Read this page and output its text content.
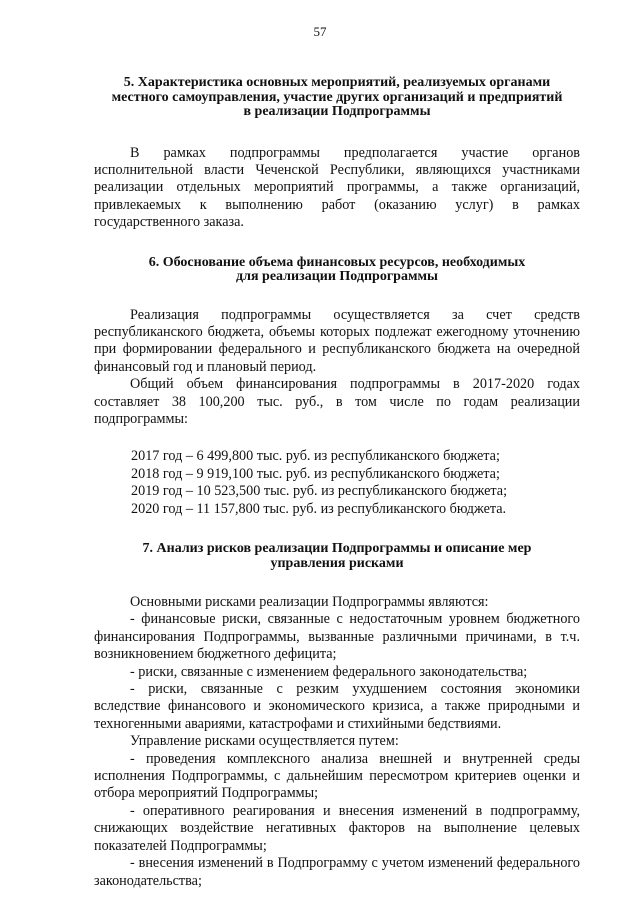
57
5. Характеристика основных мероприятий, реализуемых органами
местного самоуправления, участие других организаций и предприятий
в реализации Подпрограммы

В рамках подпрограммы предполагается участие органов исполнительной власти Чеченской Республики, являющихся участниками реализации отдельных мероприятий программы, а также организаций, привлекаемых к выполнению работ (оказанию услуг) в рамках государственного заказа.

6. Обоснование объема финансовых ресурсов, необходимых
для реализации Подпрограммы

Реализация подпрограммы осуществляется за счет средств республиканского бюджета, объемы которых подлежат ежегодному уточнению при формировании федерального и республиканского бюджета на очередной финансовый год и плановый период.

Общий объем финансирования подпрограммы в 2017-2020 годах составляет 38 100,200 тыс. руб., в том числе по годам реализации подпрограммы:

2017 год – 6 499,800 тыс. руб. из республиканского бюджета;

2018 год – 9 919,100 тыс. руб. из республиканского бюджета;

2019 год – 10 523,500 тыс. руб. из республиканского бюджета;

2020 год – 11 157,800 тыс. руб. из республиканского бюджета.

7. Анализ рисков реализации Подпрограммы и описание мер
управления рисками

Основными рисками реализации Подпрограммы являются:

- финансовые риски, связанные с недостаточным уровнем бюджетного финансирования Подпрограммы, вызванные различными причинами, в т.ч. возникновением бюджетного дефицита;

- риски, связанные с изменением федерального законодательства;

- риски, связанные с резким ухудшением состояния экономики вследствие финансового и экономического кризиса, а также природными и техногенными авариями, катастрофами и стихийными бедствиями.

Управление рисками осуществляется путем:

- проведения комплексного анализа внешней и внутренней среды исполнения Подпрограммы, с дальнейшим пересмотром критериев оценки и отбора мероприятий Подпрограммы;

- оперативного реагирования и внесения изменений в подпрограмму, снижающих воздействие негативных факторов на выполнение целевых показателей Подпрограммы;

- внесения изменений в Подпрограмму с учетом изменений федерального законодательства;
